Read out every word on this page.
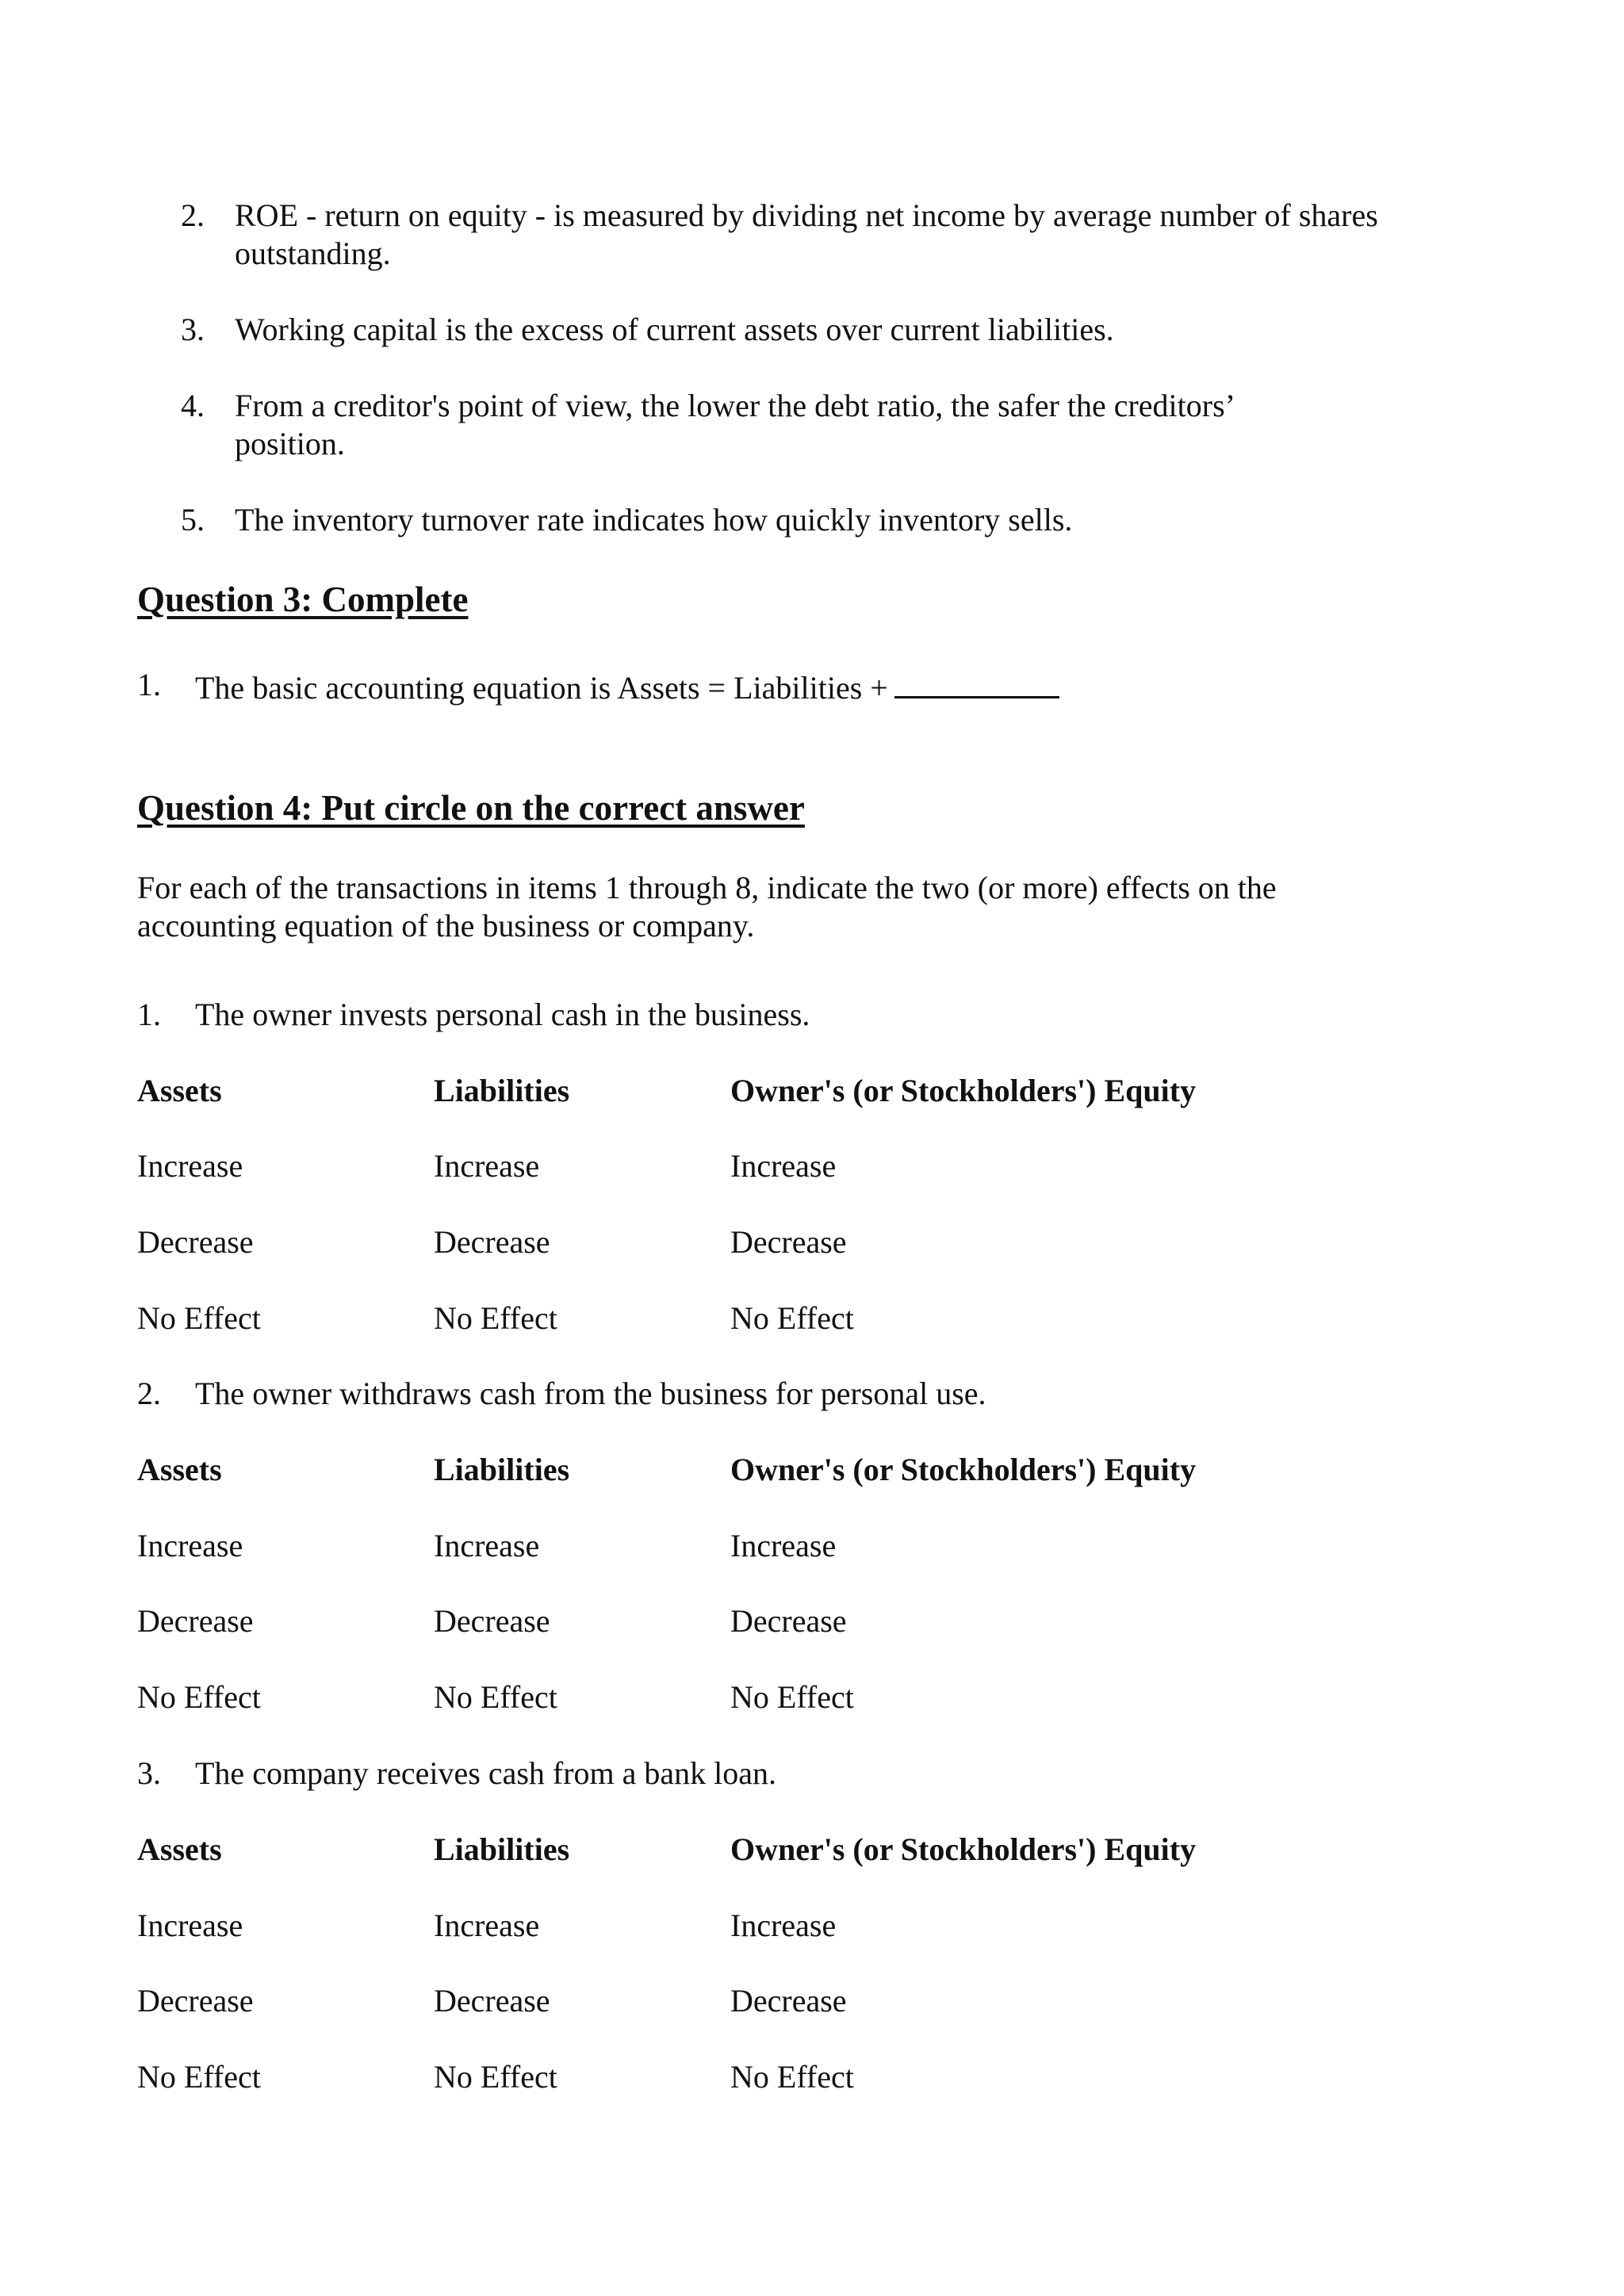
2. ROE - return on equity - is measured by dividing net income by average number of shares outstanding.
3. Working capital is the excess of current assets over current liabilities.
4. From a creditor's point of view, the lower the debt ratio, the safer the creditors’ position.
5. The inventory turnover rate indicates how quickly inventory sells.
Question 3: Complete
1. The basic accounting equation is Assets = Liabilities +
Question 4: Put circle on the correct answer
For each of the transactions in items 1 through 8, indicate the two (or more) effects on the accounting equation of the business or company.
1. The owner invests personal cash in the business.
Assets	Liabilities	Owner's (or Stockholders') Equity
Increase	Increase	Increase
Decrease	Decrease	Decrease
No Effect	No Effect	No Effect
2. The owner withdraws cash from the business for personal use.
Assets	Liabilities	Owner's (or Stockholders') Equity
Increase	Increase	Increase
Decrease	Decrease	Decrease
No Effect	No Effect	No Effect
3. The company receives cash from a bank loan.
Assets	Liabilities	Owner's (or Stockholders') Equity
Increase	Increase	Increase
Decrease	Decrease	Decrease
No Effect	No Effect	No Effect
